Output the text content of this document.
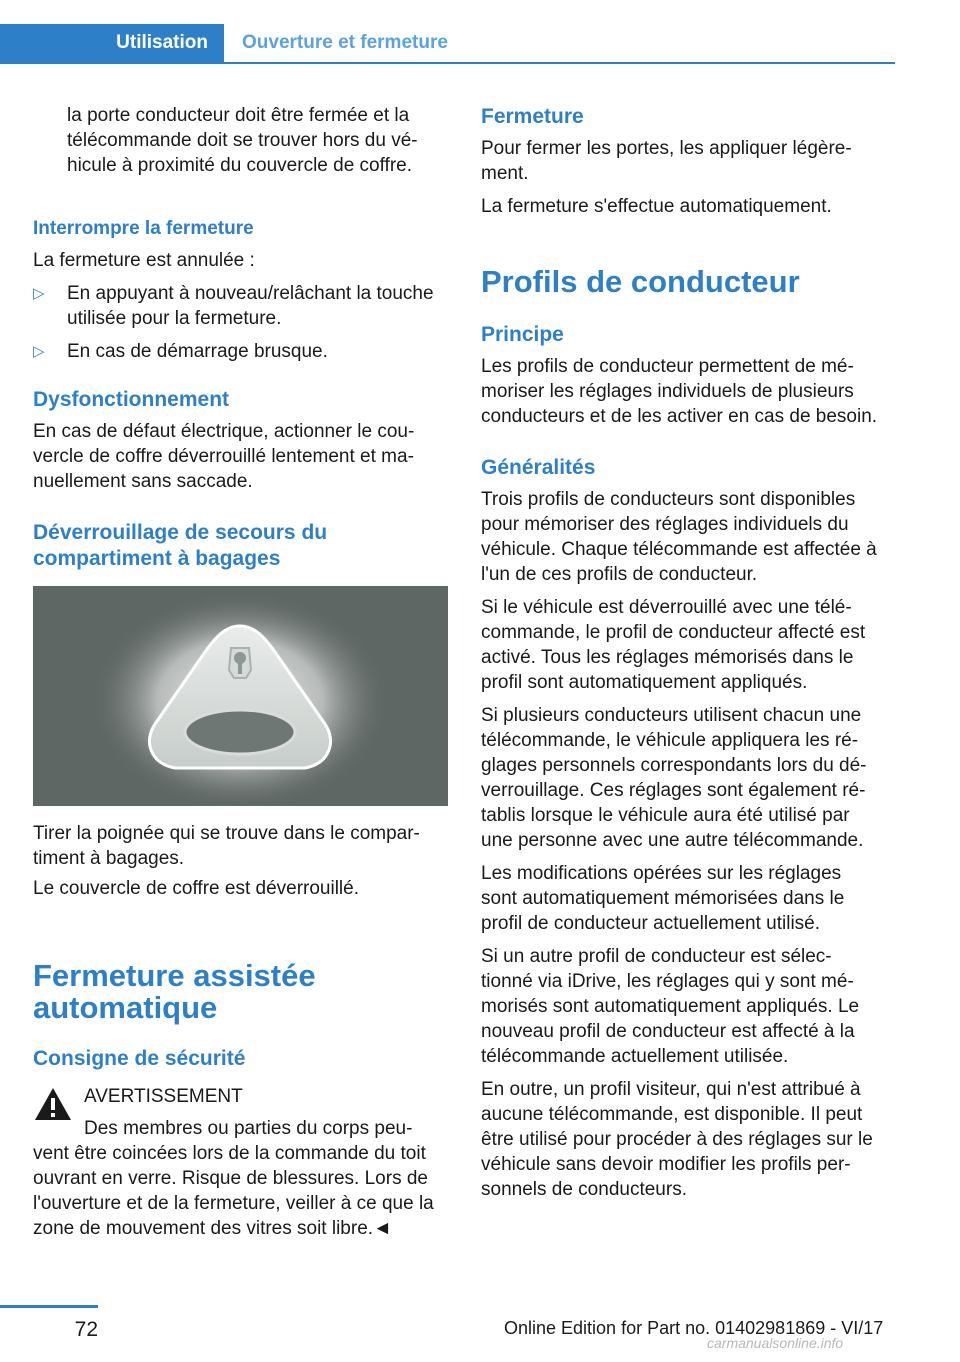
Utilisation	Ouverture et fermeture

la porte conducteur doit être fermée et la

télécommande doit se trouver hors du vé-

hicule à proximité du couvercle de coffre.

Interrompre la fermeture

La fermeture est annulée :

▷ En appuyant à nouveau/relâchant la touche
utilisée pour la fermeture.
▷ En cas de démarrage brusque.
Dysfonctionnement

En cas de défaut électrique, actionner le cou-

vercle de coffre déverrouillé lentement et ma-

nuellement sans saccade.

Déverrouillage de secours du
compartiment à bagages

Tirer la poignée qui se trouve dans le compar-

timent à bagages.

Le couvercle de coffre est déverrouillé.

Fermeture assistée
automatique
Consigne de sécurité

AVERTISSEMENT

Des membres ou parties du corps peu-

vent être coincées lors de la commande du toit

ouvrant en verre. Risque de blessures. Lors de

l'ouverture et de la fermeture, veiller à ce que la

zone de mouvement des vitres soit libre.◄

Fermeture

Pour fermer les portes, les appliquer légère-

ment.

La fermeture s'effectue automatiquement.

Profils de conducteur
Principe

Les profils de conducteur permettent de mé-

moriser les réglages individuels de plusieurs

conducteurs et de les activer en cas de besoin.

Généralités

Trois profils de conducteurs sont disponibles

pour mémoriser des réglages individuels du

véhicule. Chaque télécommande est affectée à

l'un de ces profils de conducteur.

Si le véhicule est déverrouillé avec une télé-

commande, le profil de conducteur affecté est

activé. Tous les réglages mémorisés dans le

profil sont automatiquement appliqués.

Si plusieurs conducteurs utilisent chacun une

télécommande, le véhicule appliquera les ré-

glages personnels correspondants lors du dé-

verrouillage. Ces réglages sont également ré-

tablis lorsque le véhicule aura été utilisé par

une personne avec une autre télécommande.

Les modifications opérées sur les réglages

sont automatiquement mémorisées dans le

profil de conducteur actuellement utilisé.

Si un autre profil de conducteur est sélec-

tionné via iDrive, les réglages qui y sont mé-

morisés sont automatiquement appliqués. Le

nouveau profil de conducteur est affecté à la

télécommande actuellement utilisée.

En outre, un profil visiteur, qui n'est attribué à

aucune télécommande, est disponible. Il peut

être utilisé pour procéder à des réglages sur le

véhicule sans devoir modifier les profils per-

sonnels de conducteurs.

72	Online Edition for Part no. 01402981869 - VI/17
carmanualsonline.info
